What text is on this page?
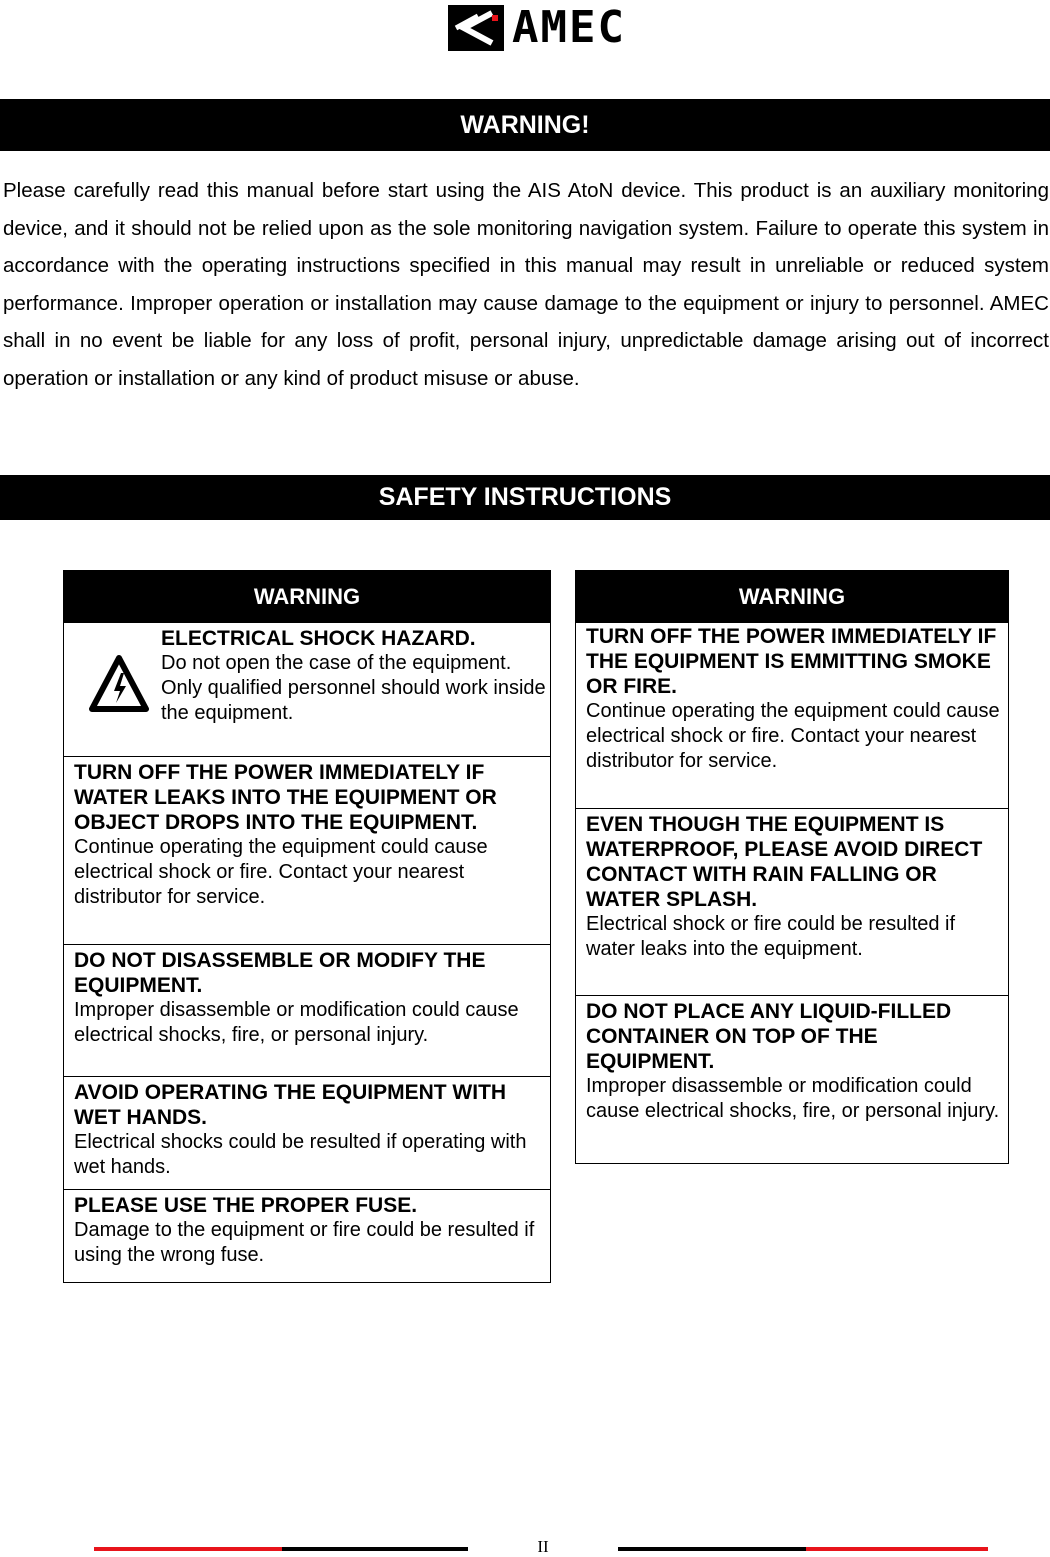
AMEC
WARNING!

Please carefully read this manual before start using the AIS AtoN device. This product is an auxiliary monitoring device, and it should not be relied upon as the sole monitoring navigation system. Failure to operate this system in accordance with the operating instructions specified in this manual may result in unreliable or reduced system performance. Improper operation or installation may cause damage to the equipment or injury to personnel. AMEC shall in no event be liable for any loss of profit, personal injury, unpredictable damage arising out of incorrect operation or installation or any kind of product misuse or abuse.

SAFETY INSTRUCTIONS
WARNING
ELECTRICAL SHOCK HAZARD.
Do not open the case of the equipment. Only qualified personnel should work inside the equipment.
TURN OFF THE POWER IMMEDIATELY IF WATER LEAKS INTO THE EQUIPMENT OR OBJECT DROPS INTO THE EQUIPMENT.
Continue operating the equipment could cause electrical shock or fire. Contact your nearest distributor for service.
DO NOT DISASSEMBLE OR MODIFY THE EQUIPMENT.
Improper disassemble or modification could cause electrical shocks, fire, or personal injury.
AVOID OPERATING THE EQUIPMENT WITH WET HANDS.
Electrical shocks could be resulted if operating with wet hands.
PLEASE USE THE PROPER FUSE.
Damage to the equipment or fire could be resulted if using the wrong fuse.
WARNING
TURN OFF THE POWER IMMEDIATELY IF THE EQUIPMENT IS EMMITTING SMOKE OR FIRE.
Continue operating the equipment could cause electrical shock or fire. Contact your nearest distributor for service.
EVEN THOUGH THE EQUIPMENT IS WATERPROOF, PLEASE AVOID DIRECT CONTACT WITH RAIN FALLING OR WATER SPLASH.
Electrical shock or fire could be resulted if water leaks into the equipment.
DO NOT PLACE ANY LIQUID-FILLED CONTAINER ON TOP OF THE EQUIPMENT.
Improper disassemble or modification could cause electrical shocks, fire, or personal injury.
II
